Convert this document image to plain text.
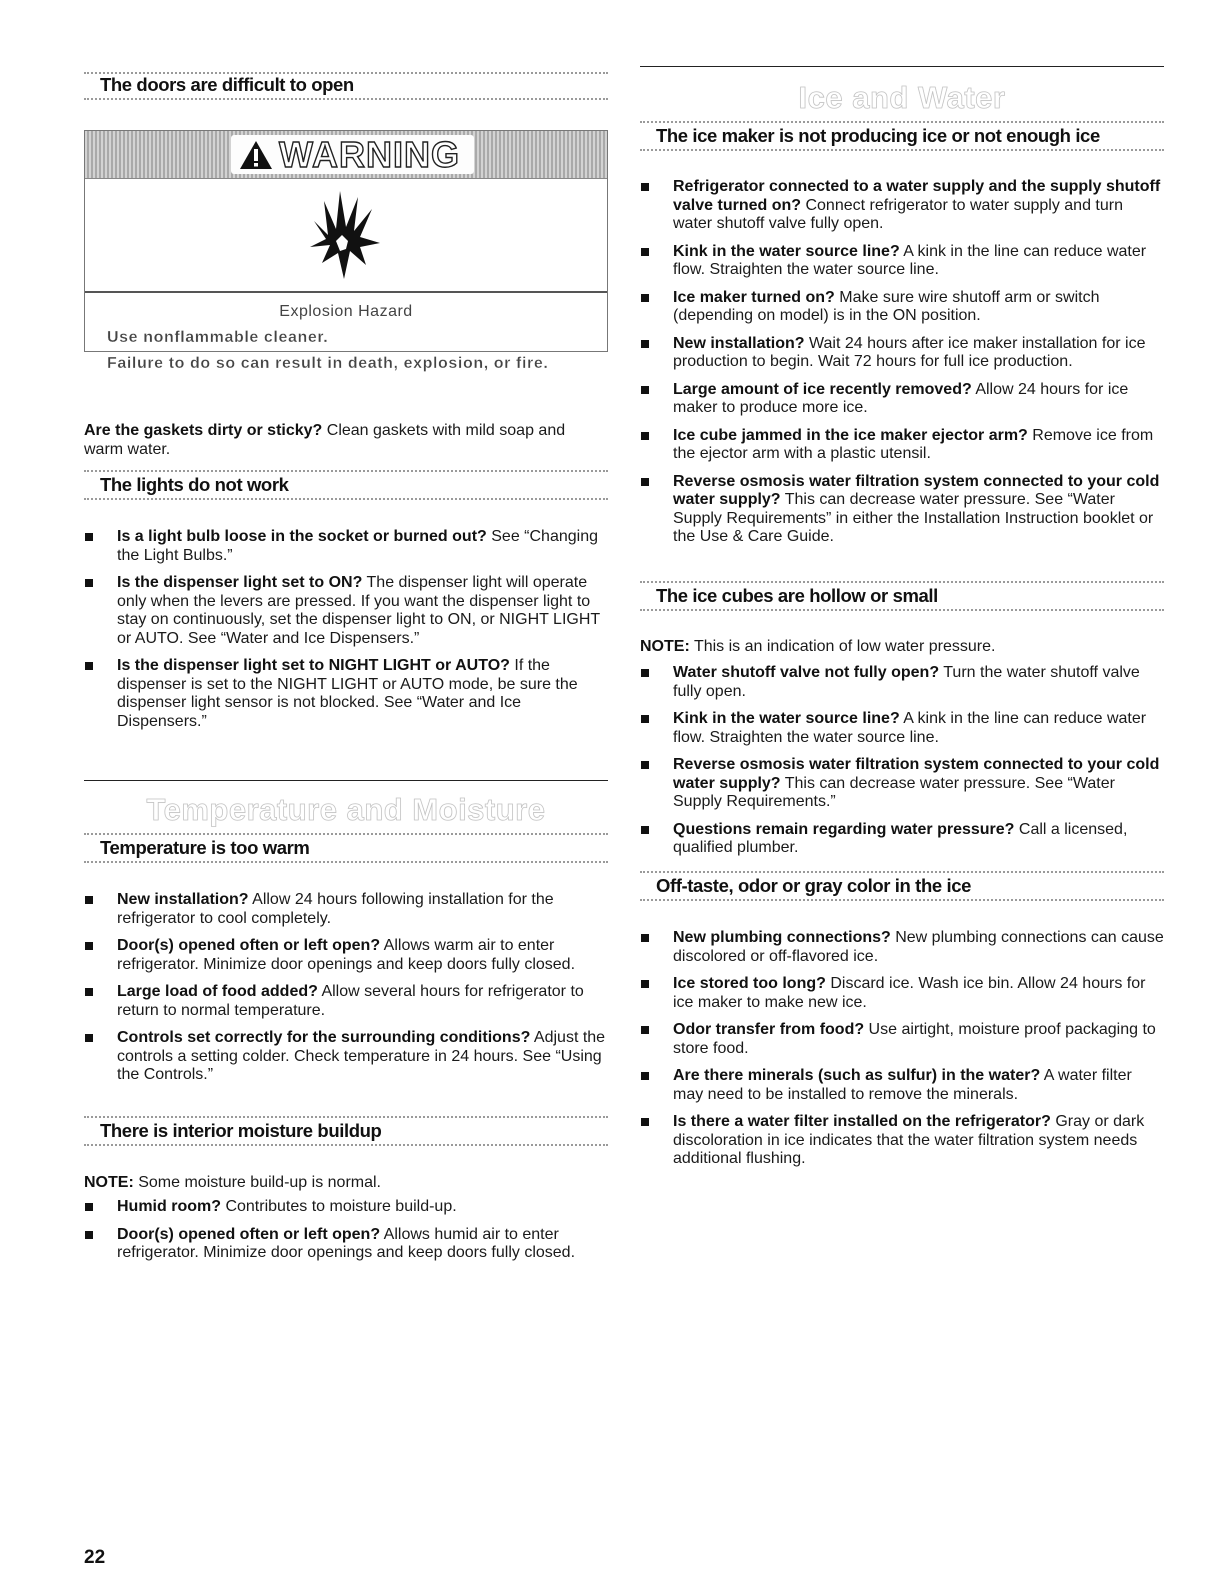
The doors are difficult to open
WARNING
Explosion Hazard

Use nonflammable cleaner.

Failure to do so can result in death, explosion, or fire.

Are the gaskets dirty or sticky? Clean gaskets with mild soap and warm water.

The lights do not work
Is a light bulb loose in the socket or burned out? See “Changing the Light Bulbs.”
Is the dispenser light set to ON? The dispenser light will operate only when the levers are pressed. If you want the dispenser light to stay on continuously, set the dispenser light to ON, or NIGHT LIGHT or AUTO. See “Water and Ice Dispensers.”
Is the dispenser light set to NIGHT LIGHT or AUTO? If the dispenser is set to the NIGHT LIGHT or AUTO mode, be sure the dispenser light sensor is not blocked. See “Water and Ice Dispensers.”
Temperature and Moisture
Temperature is too warm
New installation? Allow 24 hours following installation for the refrigerator to cool completely.
Door(s) opened often or left open? Allows warm air to enter refrigerator. Minimize door openings and keep doors fully closed.
Large load of food added? Allow several hours for refrigerator to return to normal temperature.
Controls set correctly for the surrounding conditions? Adjust the controls a setting colder. Check temperature in 24 hours. See “Using the Controls.”
There is interior moisture buildup

NOTE: Some moisture build-up is normal.

Humid room? Contributes to moisture build-up.
Door(s) opened often or left open? Allows humid air to enter refrigerator. Minimize door openings and keep doors fully closed.
Ice and Water
The ice maker is not producing ice or not enough ice
Refrigerator connected to a water supply and the supply shutoff valve turned on? Connect refrigerator to water supply and turn water shutoff valve fully open.
Kink in the water source line? A kink in the line can reduce water flow. Straighten the water source line.
Ice maker turned on? Make sure wire shutoff arm or switch (depending on model) is in the ON position.
New installation? Wait 24 hours after ice maker installation for ice production to begin. Wait 72 hours for full ice production.
Large amount of ice recently removed? Allow 24 hours for ice maker to produce more ice.
Ice cube jammed in the ice maker ejector arm? Remove ice from the ejector arm with a plastic utensil.
Reverse osmosis water filtration system connected to your cold water supply? This can decrease water pressure. See “Water Supply Requirements” in either the Installation Instruction booklet or the Use & Care Guide.
The ice cubes are hollow or small

NOTE: This is an indication of low water pressure.

Water shutoff valve not fully open? Turn the water shutoff valve fully open.
Kink in the water source line? A kink in the line can reduce water flow. Straighten the water source line.
Reverse osmosis water filtration system connected to your cold water supply? This can decrease water pressure. See “Water Supply Requirements.”
Questions remain regarding water pressure? Call a licensed, qualified plumber.
Off-taste, odor or gray color in the ice
New plumbing connections? New plumbing connections can cause discolored or off-flavored ice.
Ice stored too long? Discard ice. Wash ice bin. Allow 24 hours for ice maker to make new ice.
Odor transfer from food? Use airtight, moisture proof packaging to store food.
Are there minerals (such as sulfur) in the water? A water filter may need to be installed to remove the minerals.
Is there a water filter installed on the refrigerator? Gray or dark discoloration in ice indicates that the water filtration system needs additional flushing.
22
